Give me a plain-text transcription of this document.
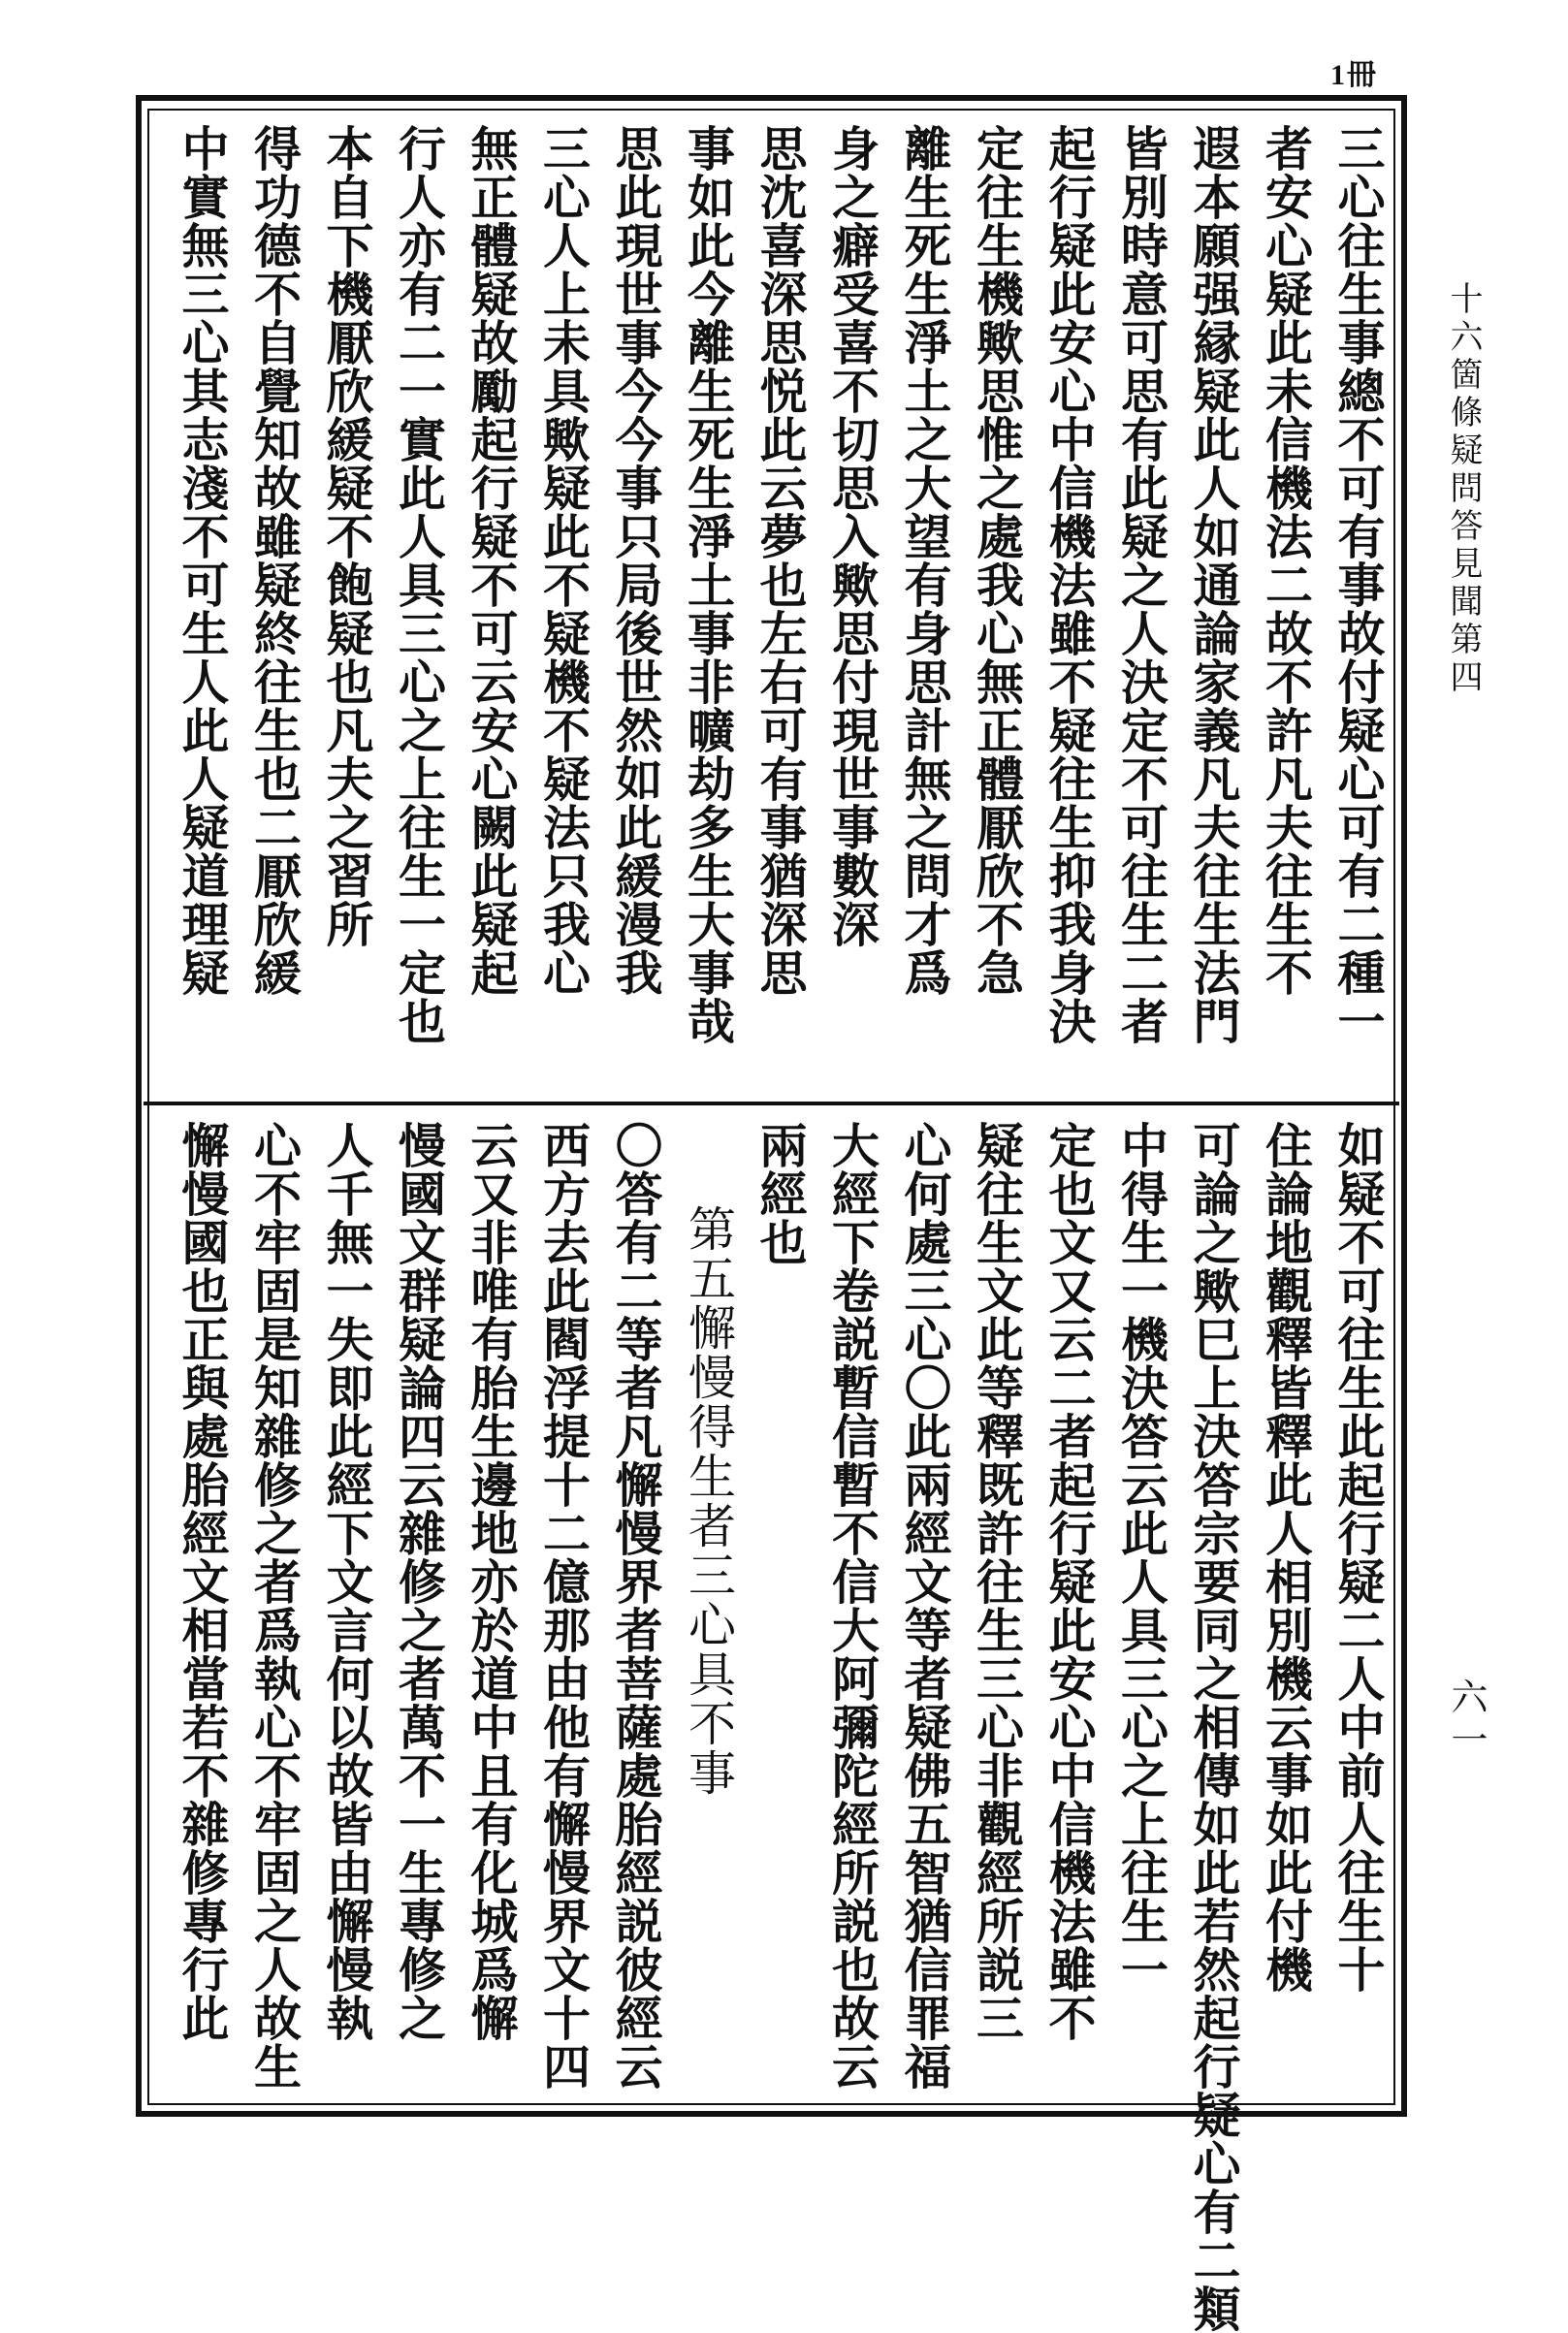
1冊
十六箇條疑問答見聞第四
六一

三心往生事總不可有事故付疑心可有二種一

者安心疑此未信機法二故不許凡夫往生不

遐本願强縁疑此人如通論家義凡夫往生法門

皆別時意可思有此疑之人決定不可往生二者

起行疑此安心中信機法雖不疑往生抑我身決

定往生機歟思惟之處我心無正體厭欣不急

離生死生淨土之大望有身思計無之問才爲

身之癖受喜不切思入歟思付現世事數深

思沈喜深思悦此云夢也左右可有事猶深思

事如此今離生死生淨土事非曠劫多生大事哉

思此現世事今今事只局後世然如此緩漫我

三心人上未具歟疑此不疑機不疑法只我心

無正體疑故勵起行疑不可云安心闕此疑起

行人亦有二一實此人具三心之上往生一定也

本自下機厭欣緩疑不飽疑也凡夫之習所

得功德不自覺知故雖疑終往生也二厭欣緩

中實無三心其志淺不可生人此人疑道理疑

如疑不可往生此起行疑二人中前人往生十

住論地觀釋皆釋此人相別機云事如此付機

可論之歟巳上決答宗要同之相傳如此若然起行疑心有二類

中得生一機決答云此人具三心之上往生一

定也文又云二者起行疑此安心中信機法雖不

疑往生文此等釋既許往生三心非觀經所説三

心何處三心〇此兩經文等者疑佛五智猶信罪福

大經下卷説暫信暫不信大阿彌陀經所説也故云

兩經也

第五懈慢得生者三心具不事

〇答有二等者凡懈慢界者菩薩處胎經説彼經云

西方去此閻浮提十二億那由他有懈慢界文十四

云又非唯有胎生邊地亦於道中且有化城爲懈

慢國文群疑論四云雜修之者萬不一生專修之

人千無一失即此經下文言何以故皆由懈慢執

心不牢固是知雜修之者爲執心不牢固之人故生

懈慢國也正與處胎經文相當若不雜修專行此
